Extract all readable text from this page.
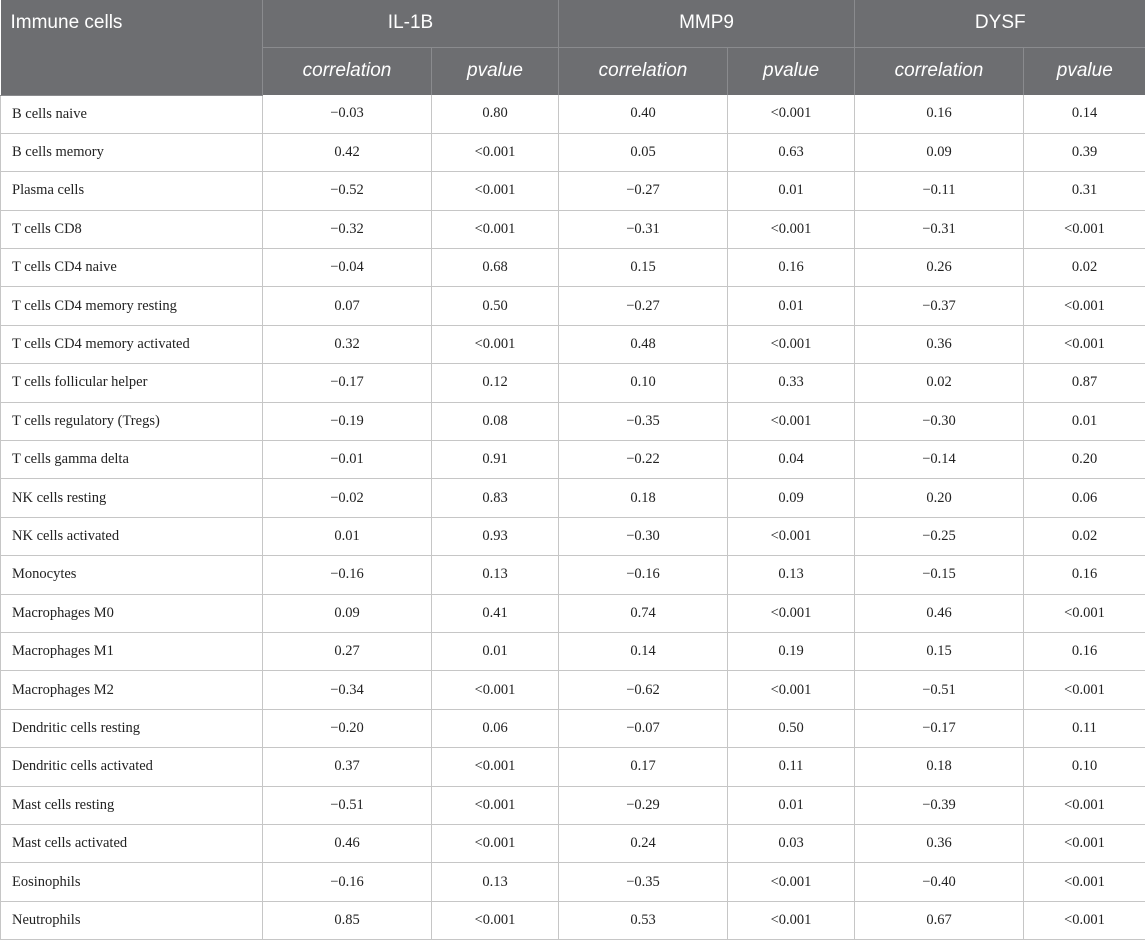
Immune cells	IL-1B		MMP9		DYSF	
	correlation	pvalue	correlation	pvalue	correlation	pvalue
B cells naive	−0.03	0.80	0.40	<0.001	0.16	0.14
B cells memory	0.42	<0.001	0.05	0.63	0.09	0.39
Plasma cells	−0.52	<0.001	−0.27	0.01	−0.11	0.31
T cells CD8	−0.32	<0.001	−0.31	<0.001	−0.31	<0.001
T cells CD4 naive	−0.04	0.68	0.15	0.16	0.26	0.02
T cells CD4 memory resting	0.07	0.50	−0.27	0.01	−0.37	<0.001
T cells CD4 memory activated	0.32	<0.001	0.48	<0.001	0.36	<0.001
T cells follicular helper	−0.17	0.12	0.10	0.33	0.02	0.87
T cells regulatory (Tregs)	−0.19	0.08	−0.35	<0.001	−0.30	0.01
T cells gamma delta	−0.01	0.91	−0.22	0.04	−0.14	0.20
NK cells resting	−0.02	0.83	0.18	0.09	0.20	0.06
NK cells activated	0.01	0.93	−0.30	<0.001	−0.25	0.02
Monocytes	−0.16	0.13	−0.16	0.13	−0.15	0.16
Macrophages M0	0.09	0.41	0.74	<0.001	0.46	<0.001
Macrophages M1	0.27	0.01	0.14	0.19	0.15	0.16
Macrophages M2	−0.34	<0.001	−0.62	<0.001	−0.51	<0.001
Dendritic cells resting	−0.20	0.06	−0.07	0.50	−0.17	0.11
Dendritic cells activated	0.37	<0.001	0.17	0.11	0.18	0.10
Mast cells resting	−0.51	<0.001	−0.29	0.01	−0.39	<0.001
Mast cells activated	0.46	<0.001	0.24	0.03	0.36	<0.001
Eosinophils	−0.16	0.13	−0.35	<0.001	−0.40	<0.001
Neutrophils	0.85	<0.001	0.53	<0.001	0.67	<0.001
